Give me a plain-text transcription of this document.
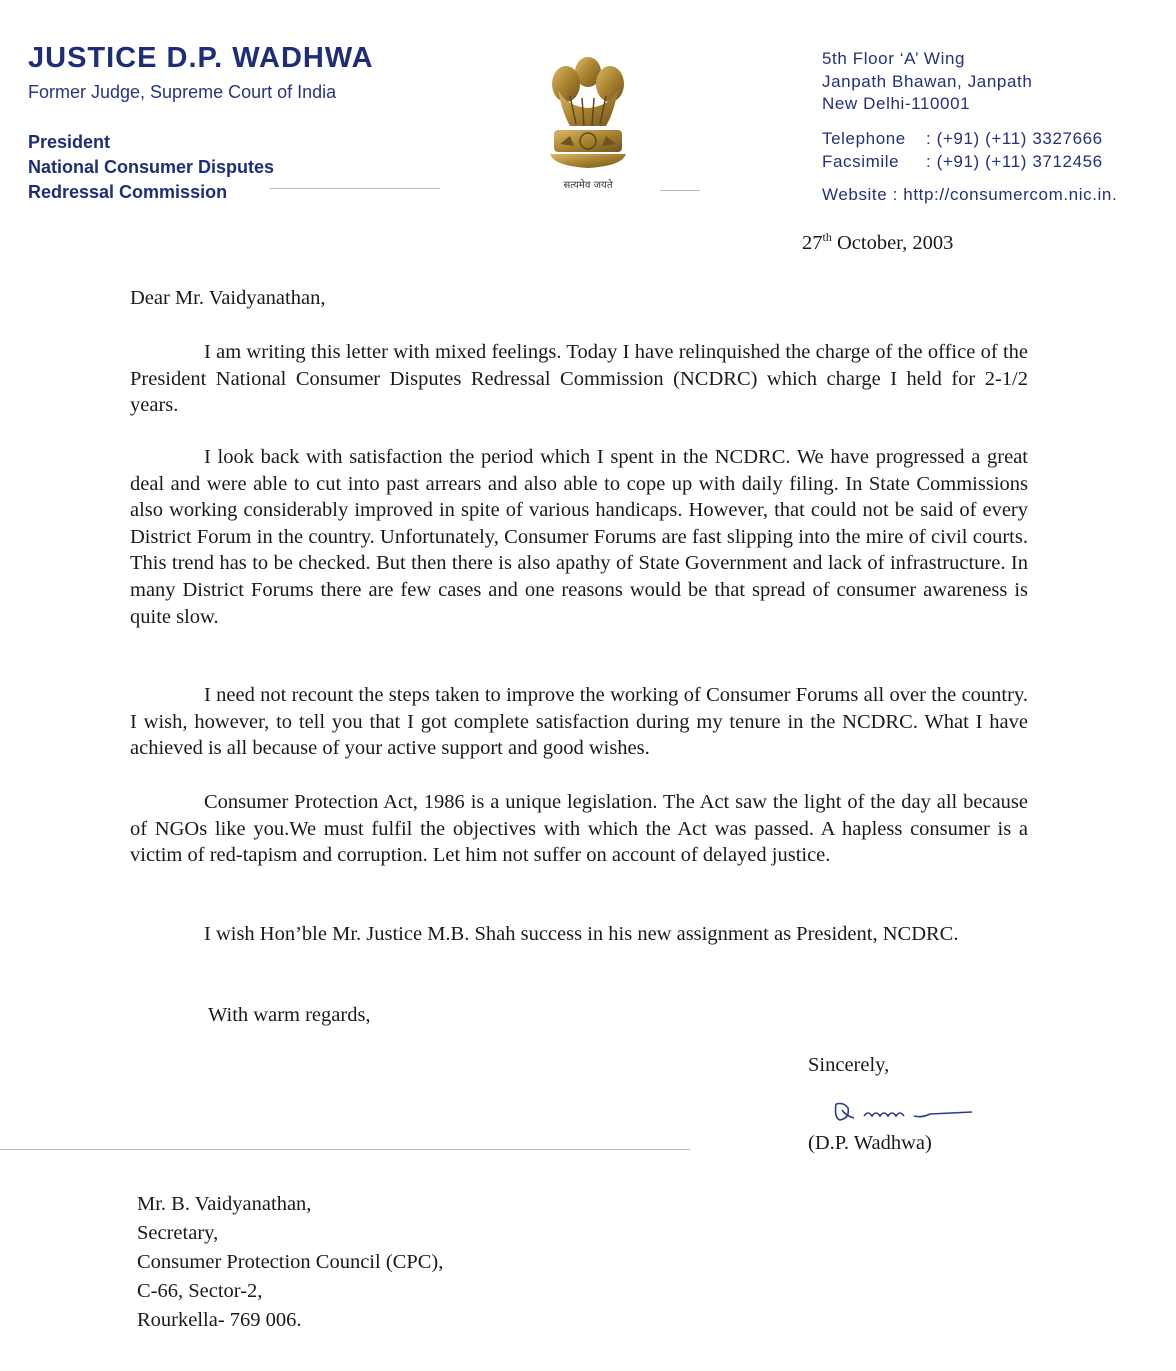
JUSTICE D.P. WADHWA
Former Judge, Supreme Court of India
President
National Consumer Disputes
Redressal Commission	सत्यमेव जयते
5th Floor ‘A’ Wing
Janpath Bhawan, Janpath
New Delhi-110001
Telephone : (+91) (+11) 3327666
Facsimile : (+91) (+11) 3712456
Website : http://consumercom.nic.in.
27th October, 2003
Dear Mr. Vaidyanathan,

I am writing this letter with mixed feelings. Today I have relinquished the charge of the office of the President National Consumer Disputes Redressal Commission (NCDRC) which charge I held for 2-1/2 years.

I look back with satisfaction the period which I spent in the NCDRC. We have progressed a great deal and were able to cut into past arrears and also able to cope up with daily filing. In State Commissions also working considerably improved in spite of various handicaps. However, that could not be said of every District Forum in the country. Unfortunately, Consumer Forums are fast slipping into the mire of civil courts. This trend has to be checked. But then there is also apathy of State Government and lack of infrastructure. In many District Forums there are few cases and one reasons would be that spread of consumer awareness is quite slow.

I need not recount the steps taken to improve the working of Consumer Forums all over the country. I wish, however, to tell you that I got complete satisfaction during my tenure in the NCDRC. What I have achieved is all because of your active support and good wishes.

Consumer Protection Act, 1986 is a unique legislation. The Act saw the light of the day all because of NGOs like you.We must fulfil the objectives with which the Act was passed. A hapless consumer is a victim of red-tapism and corruption. Let him not suffer on account of delayed justice.

I wish Hon’ble Mr. Justice M.B. Shah success in his new assignment as President, NCDRC.

With warm regards,
Sincerely,
(D.P. Wadhwa)
Mr. B. Vaidyanathan,
Secretary,
Consumer Protection Council (CPC),
C-66, Sector-2,
Rourkella- 769 006.
